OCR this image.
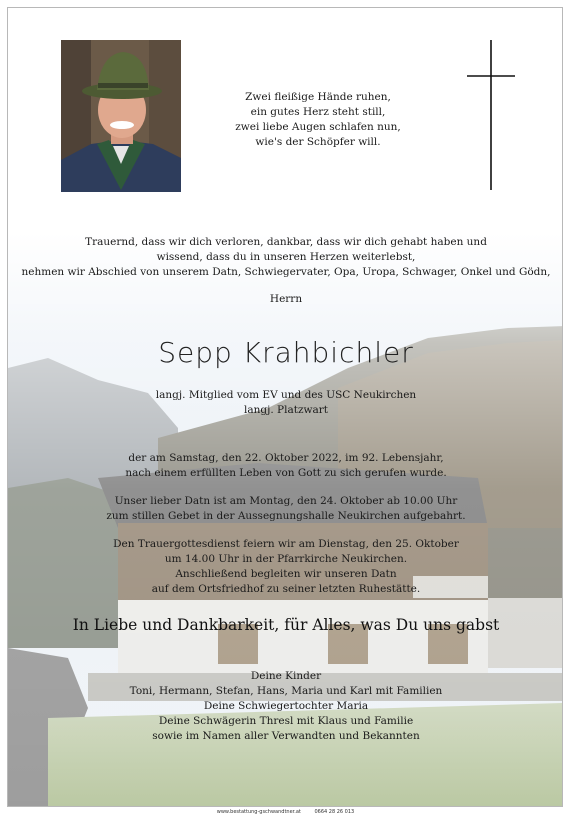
Zwei fleißige Hände ruhen,
ein gutes Herz steht still,
zwei liebe Augen schlafen nun,
wie's der Schöpfer will.
Trauernd, dass wir dich verloren, dankbar, dass wir dich gehabt haben und
wissend, dass du in unseren Herzen weiterlebst,
nehmen wir Abschied von unserem Datn, Schwiegervater, Opa, Uropa, Schwager, Onkel und Gödn,
Herrn
Sepp Krahbichler
langj. Mitglied vom EV und des USC Neukirchen
langj. Platzwart
der am Samstag, den 22. Oktober 2022, im 92. Lebensjahr,
nach einem erfüllten Leben von Gott zu sich gerufen wurde.
Unser lieber Datn ist am Montag, den 24. Oktober ab 10.00 Uhr
zum stillen Gebet in der Aussegnungshalle Neukirchen aufgebahrt.
Den Trauergottesdienst feiern wir am Dienstag, den 25. Oktober
um 14.00 Uhr in der Pfarrkirche Neukirchen.
Anschließend begleiten wir unseren Datn
auf dem Ortsfriedhof zu seiner letzten Ruhestätte.
In Liebe und Dankbarkeit, für Alles, was Du uns gabst
Deine Kinder
Toni, Hermann, Stefan, Hans, Maria und Karl mit Familien
Deine Schwiegertochter Maria
Deine Schwägerin Thresl mit Klaus und Familie
sowie im Namen aller Verwandten und Bekannten
www.bestattung-gschwandtner.at	0664 28 26 013
